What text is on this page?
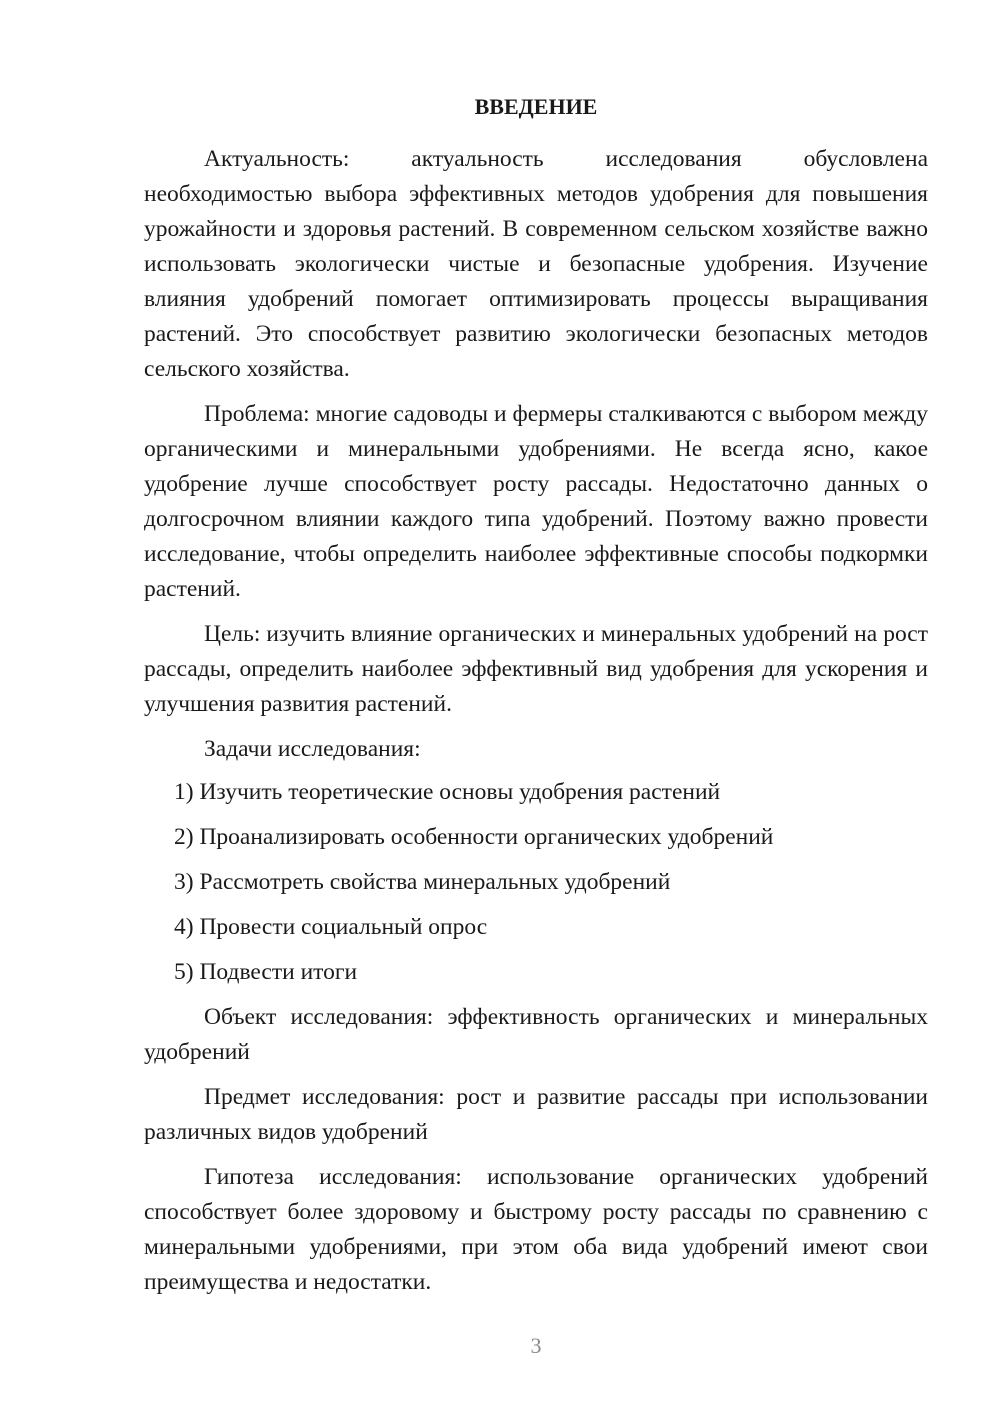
ВВЕДЕНИЕ

Актуальность: актуальность исследования обусловлена необходимостью выбора эффективных методов удобрения для повышения урожайности и здоровья растений. В современном сельском хозяйстве важно использовать экологически чистые и безопасные удобрения. Изучение влияния удобрений помогает оптимизировать процессы выращивания растений. Это способствует развитию экологически безопасных методов сельского хозяйства.

Проблема: многие садоводы и фермеры сталкиваются с выбором между органическими и минеральными удобрениями. Не всегда ясно, какое удобрение лучше способствует росту рассады. Недостаточно данных о долгосрочном влиянии каждого типа удобрений. Поэтому важно провести исследование, чтобы определить наиболее эффективные способы подкормки растений.

Цель: изучить влияние органических и минеральных удобрений на рост рассады, определить наиболее эффективный вид удобрения для ускорения и улучшения развития растений.

Задачи исследования:

1) Изучить теоретические основы удобрения растений
2) Проанализировать особенности органических удобрений
3) Рассмотреть свойства минеральных удобрений
4) Провести социальный опрос
5) Подвести итоги

Объект исследования: эффективность органических и минеральных удобрений

Предмет исследования: рост и развитие рассады при использовании различных видов удобрений

Гипотеза исследования: использование органических удобрений способствует более здоровому и быстрому росту рассады по сравнению с минеральными удобрениями, при этом оба вида удобрений имеют свои преимущества и недостатки.

3
